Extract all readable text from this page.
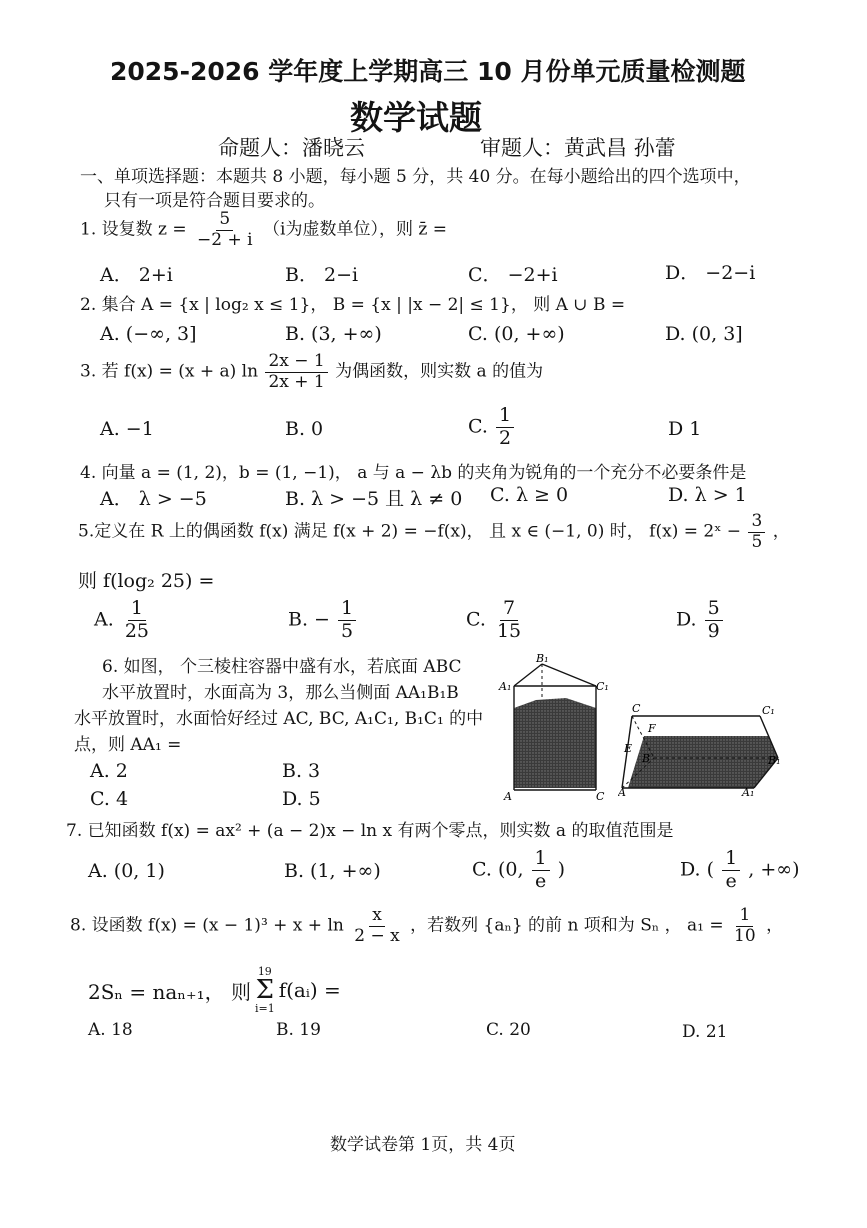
2025-2026 学年度上学期高三 10 月份单元质量检测题
数学试题
命题人：潘晓云	审题人：黄武昌 孙蕾
一、单项选择题：本题共 8 小题，每小题 5 分，共 40 分。在每小题给出的四个选项中，
只有一项是符合题目要求的。
1. 设复数 $z = \frac{5}{-2 + i} (i$为虚数单位），则 z̄ =
A． 2+i	B． 2−i	C． −2+i	D． −2−i
2. 集合 A = {x | log₂ x ≤ 1}， B = {x | |x − 2| ≤ 1}， 则 A ∪ B =
A. (−∞, 3]	B. (3, +∞)	C. (0, +∞)	D. (0, 3]
3. 若 f(x) = (x + a) $\ln \frac{2x - 1}{2x + 1}$ 为偶函数，则实数 a 的值为
A. −1	B. 0	C. $\frac{1}{2}$	D 1
4. 向量 a = (1, 2)，b = (1, −1)， a 与 a − λb 的夹角为锐角的一个充分不必要条件是
A． λ > −5	B. λ > −5 且 λ ≠ 0 C. λ ≥ 0	D. λ > 1
5.定义在 R 上的偶函数 f(x) 满足 f(x + 2) = −f(x)， 且 x ∈ (−1, 0) 时， f(x) = 2ˣ − $\frac{3}{5}$ ，
则 f(log₂ 25) =
A. $\frac{1}{25}$	B. − $\frac{1}{5}$	C. $\frac{7}{15}$	D. $\frac{5}{9}$
6. 如图， 个三棱柱容器中盛有水，若底面 ABC
水平放置时，水面高为 3，那么当侧面 AA₁B₁B
水平放置时，水面恰好经过 AC, BC, A₁C₁, B₁C₁ 的中
点，则 AA₁ =
A. 2	B. 3
C. 4	D. 5
B₁
A₁	C₁
A	C
C	C₁
F
E
B	B₁
A	A₁
7. 已知函数 f(x) = ax² + (a − 2)x − ln x 有两个零点，则实数 a 的取值范围是
A. (0, 1)	B. (1, +∞)	C. (0, $\frac{1}{e}$ )	D. ( $\frac{1}{e}$ , +∞)
8. 设函数 $f(x) = (x - 1)^3 + x + \ln \frac{x}{2 - x}$ ，若数列 {aₙ} 的前 n 项和为 Sₙ ， $a_1 = \frac{1}{10}$ ，
2Sₙ = naₙ₊₁， 则
19
Σ
i=1
f(aᵢ) =
A. 18	B. 19	C. 20	D. 21
数学试卷第 1页，共 4页
